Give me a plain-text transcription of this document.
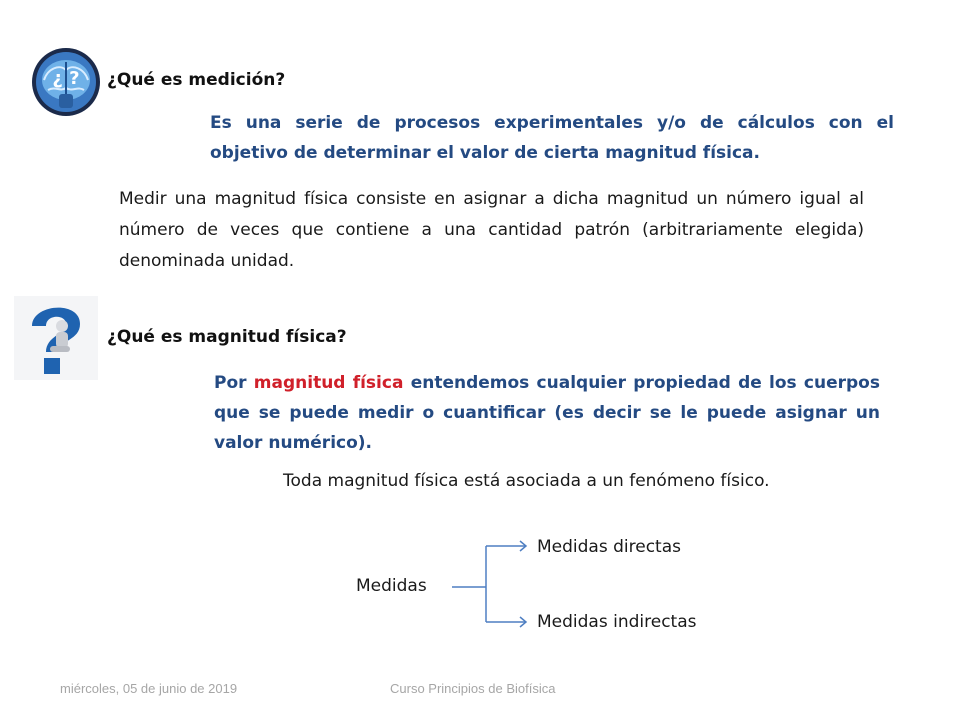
¿ ?	¿Qué es medición?
Es una serie de procesos experimentales y/o de cálculos con el objetivo de determinar el valor de cierta magnitud física.
Medir una magnitud física consiste en asignar a dicha magnitud un número igual al número de veces que contiene a una cantidad patrón (arbitrariamente elegida) denominada unidad.
¿Qué es magnitud física?
Por magnitud física entendemos cualquier propiedad de los cuerpos que se puede medir o cuantificar (es decir se le puede asignar un valor numérico).
Toda magnitud física está asociada a un fenómeno físico.
Medidas
Medidas directas
Medidas indirectas
miércoles, 05 de junio de 2019	Curso Principios de Biofísica
